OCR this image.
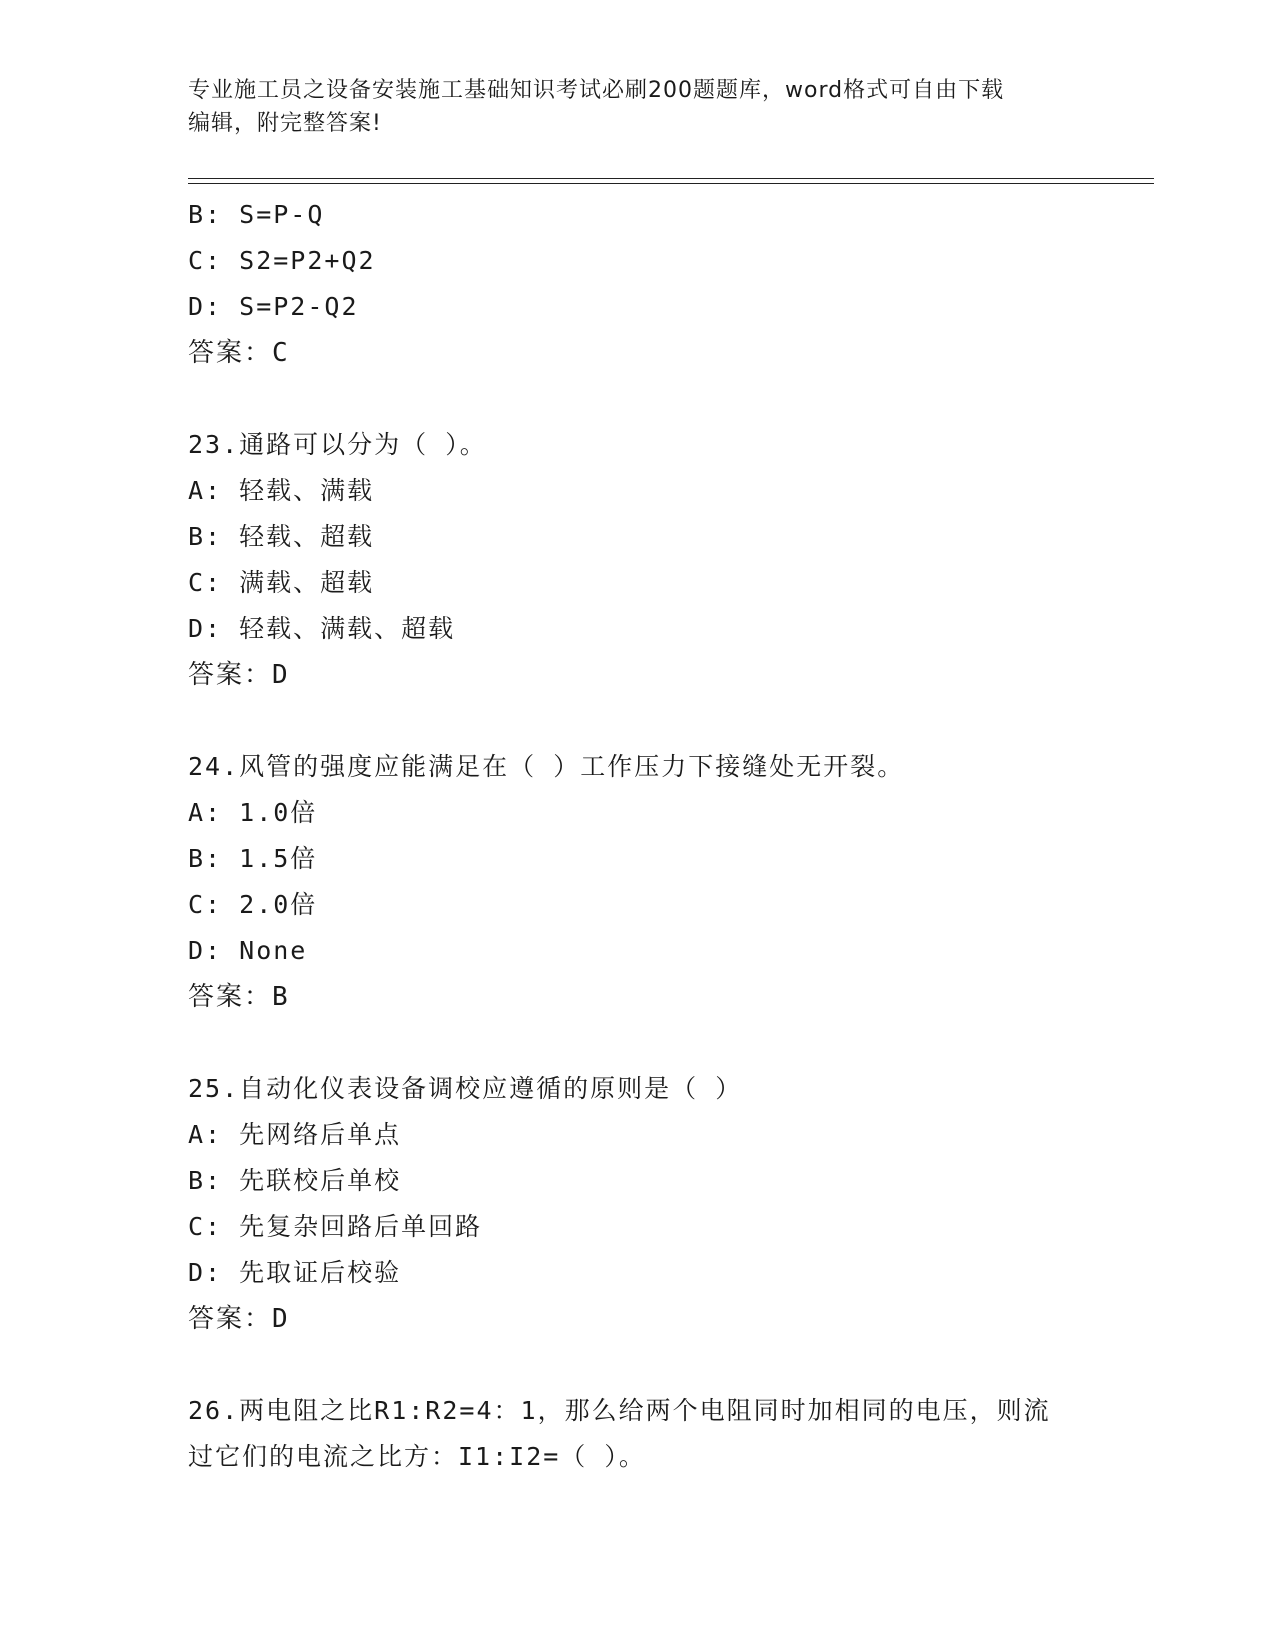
专业施工员之设备安装施工基础知识考试必刷200题题库，word格式可自由下载
编辑，附完整答案!
B: S=P-Q
C: S2=P2+Q2
D: S=P2-Q2
答案：C
23.通路可以分为（ ）。
A: 轻载、满载
B: 轻载、超载
C: 满载、超载
D: 轻载、满载、超载
答案：D
24.风管的强度应能满足在（ ）工作压力下接缝处无开裂。
A: 1.0倍
B: 1.5倍
C: 2.0倍
D: None
答案：B
25.自动化仪表设备调校应遵循的原则是（ ）
A: 先网络后单点
B: 先联校后单校
C: 先复杂回路后单回路
D: 先取证后校验
答案：D
26.两电阻之比R1:R2=4：1，那么给两个电阻同时加相同的电压，则流
过它们的电流之比方：I1:I2=（ ）。
